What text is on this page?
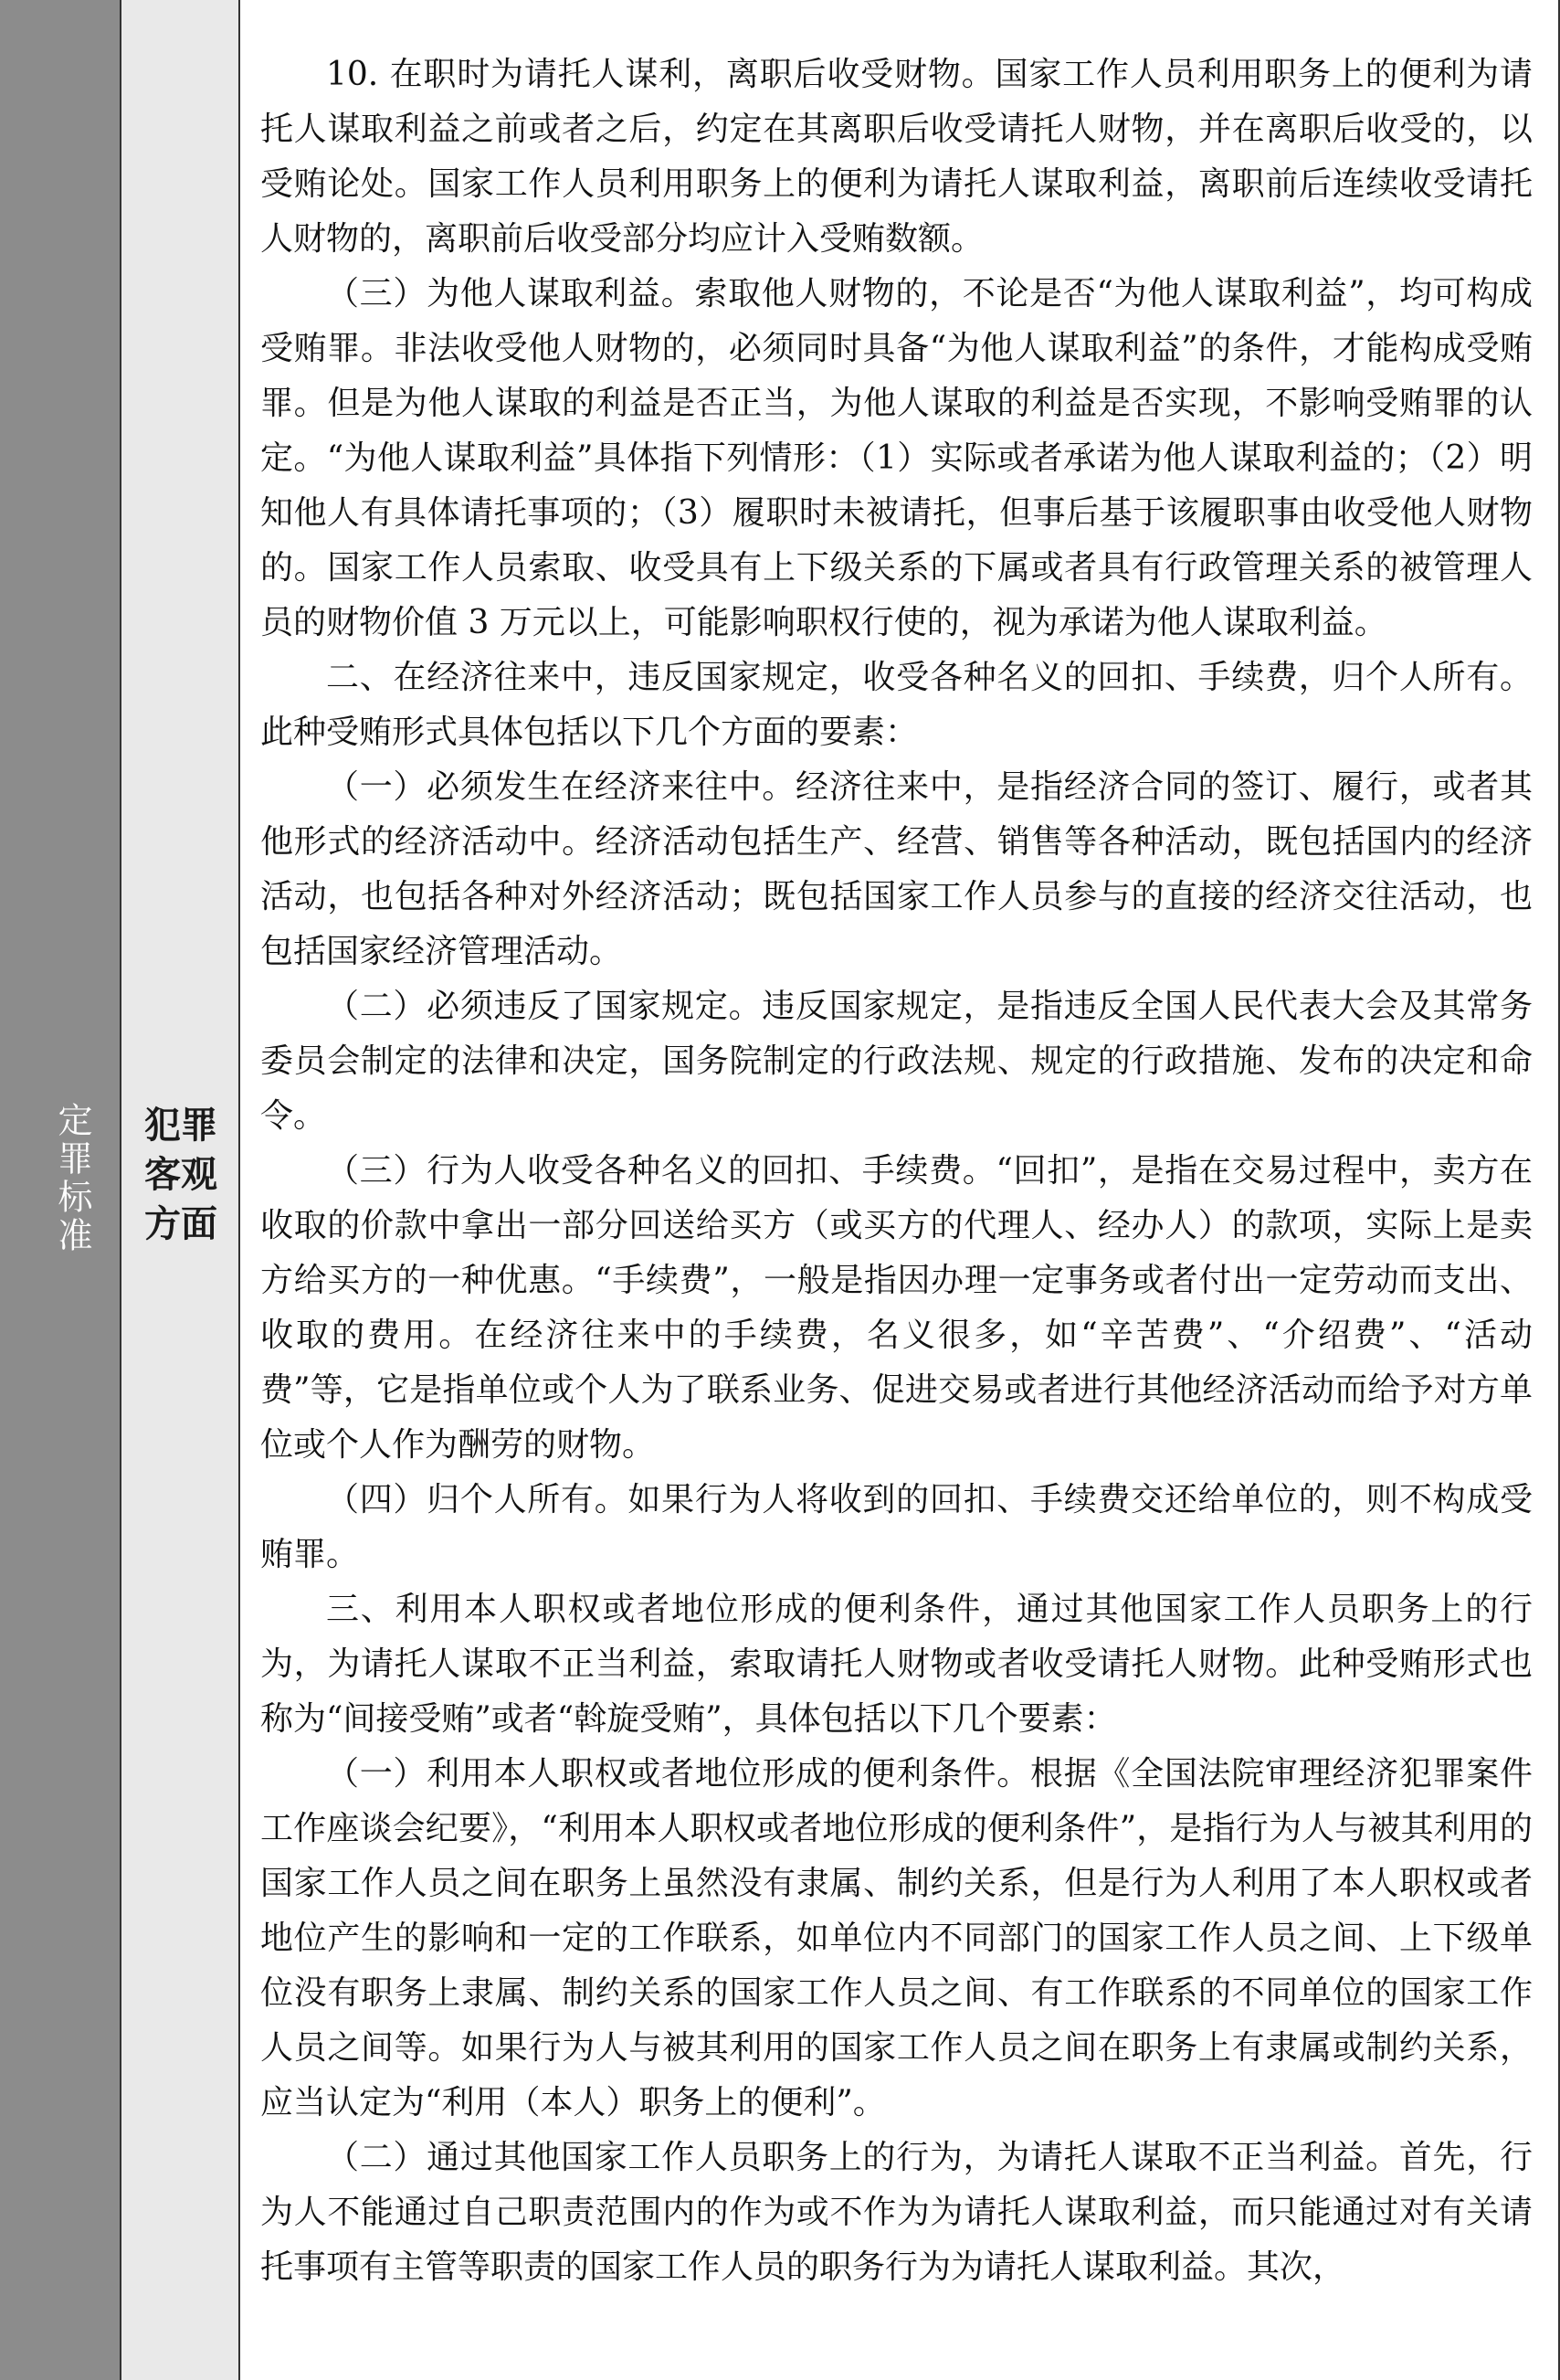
定罪标准
犯罪
客观
方面

10. 在职时为请托人谋利，离职后收受财物。国家工作人员利用职务上的便利为请托人谋取利益之前或者之后，约定在其离职后收受请托人财物，并在离职后收受的，以受贿论处。国家工作人员利用职务上的便利为请托人谋取利益，离职前后连续收受请托人财物的，离职前后收受部分均应计入受贿数额。

（三）为他人谋取利益。索取他人财物的，不论是否“为他人谋取利益”，均可构成受贿罪。非法收受他人财物的，必须同时具备“为他人谋取利益”的条件，才能构成受贿罪。但是为他人谋取的利益是否正当，为他人谋取的利益是否实现，不影响受贿罪的认定。“为他人谋取利益”具体指下列情形：（1）实际或者承诺为他人谋取利益的；（2）明知他人有具体请托事项的；（3）履职时未被请托，但事后基于该履职事由收受他人财物的。国家工作人员索取、收受具有上下级关系的下属或者具有行政管理关系的被管理人员的财物价值 3 万元以上，可能影响职权行使的，视为承诺为他人谋取利益。

二、在经济往来中，违反国家规定，收受各种名义的回扣、手续费，归个人所有。此种受贿形式具体包括以下几个方面的要素：

（一）必须发生在经济来往中。经济往来中，是指经济合同的签订、履行，或者其他形式的经济活动中。经济活动包括生产、经营、销售等各种活动，既包括国内的经济活动，也包括各种对外经济活动；既包括国家工作人员参与的直接的经济交往活动，也包括国家经济管理活动。

（二）必须违反了国家规定。违反国家规定，是指违反全国人民代表大会及其常务委员会制定的法律和决定，国务院制定的行政法规、规定的行政措施、发布的决定和命令。

（三）行为人收受各种名义的回扣、手续费。“回扣”，是指在交易过程中，卖方在收取的价款中拿出一部分回送给买方（或买方的代理人、经办人）的款项，实际上是卖方给买方的一种优惠。“手续费”，一般是指因办理一定事务或者付出一定劳动而支出、收取的费用。在经济往来中的手续费，名义很多，如“辛苦费”、“介绍费”、“活动费”等，它是指单位或个人为了联系业务、促进交易或者进行其他经济活动而给予对方单位或个人作为酬劳的财物。

（四）归个人所有。如果行为人将收到的回扣、手续费交还给单位的，则不构成受贿罪。

三、利用本人职权或者地位形成的便利条件，通过其他国家工作人员职务上的行为，为请托人谋取不正当利益，索取请托人财物或者收受请托人财物。此种受贿形式也称为“间接受贿”或者“斡旋受贿”，具体包括以下几个要素：

（一）利用本人职权或者地位形成的便利条件。根据《全国法院审理经济犯罪案件工作座谈会纪要》，“利用本人职权或者地位形成的便利条件”，是指行为人与被其利用的国家工作人员之间在职务上虽然没有隶属、制约关系，但是行为人利用了本人职权或者地位产生的影响和一定的工作联系，如单位内不同部门的国家工作人员之间、上下级单位没有职务上隶属、制约关系的国家工作人员之间、有工作联系的不同单位的国家工作人员之间等。如果行为人与被其利用的国家工作人员之间在职务上有隶属或制约关系，应当认定为“利用（本人）职务上的便利”。

（二）通过其他国家工作人员职务上的行为，为请托人谋取不正当利益。首先，行为人不能通过自己职责范围内的作为或不作为为请托人谋取利益，而只能通过对有关请托事项有主管等职责的国家工作人员的职务行为为请托人谋取利益。其次，
